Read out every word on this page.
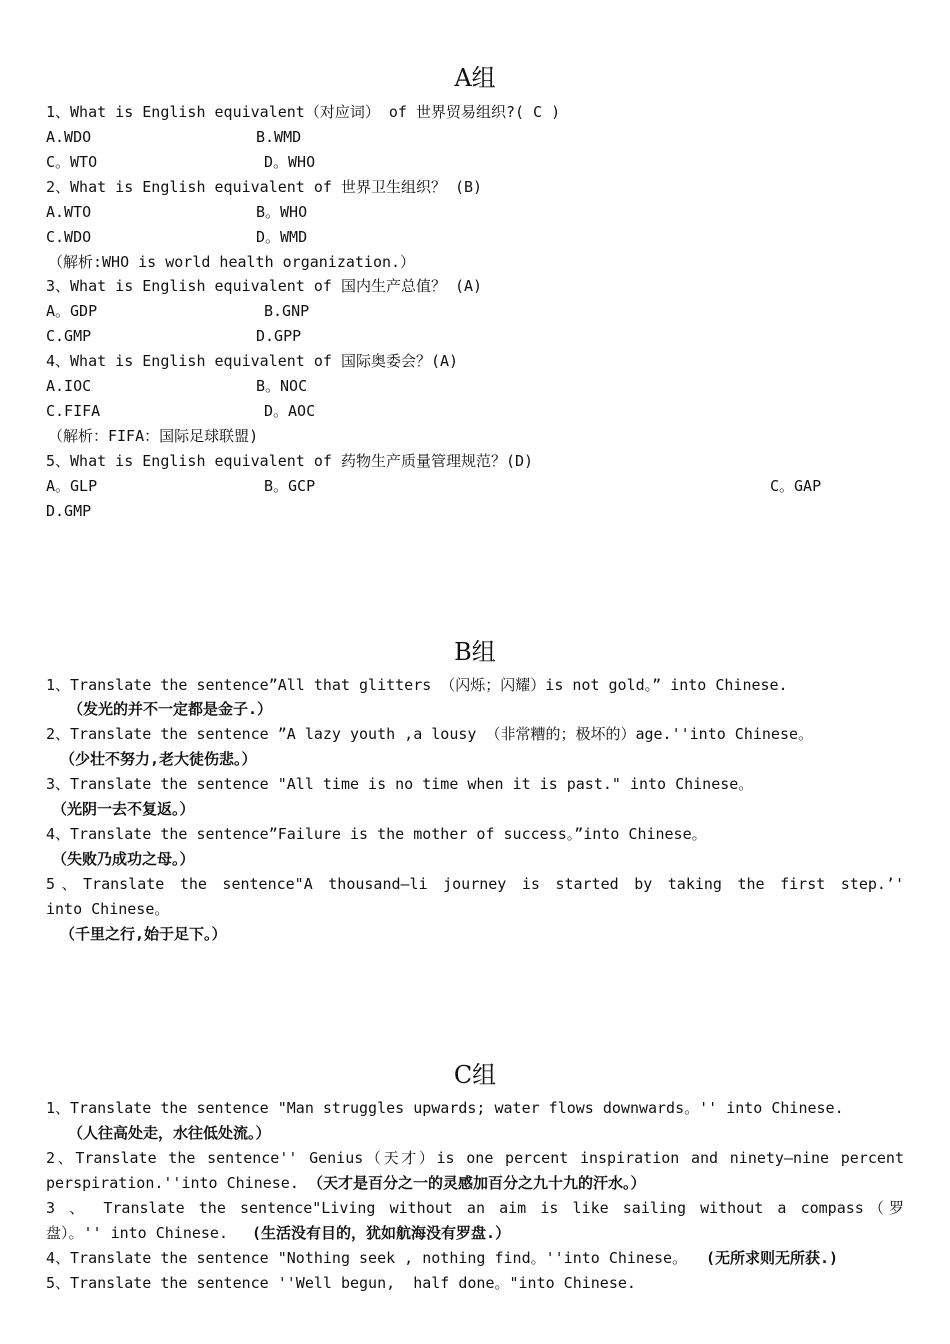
A组
1、What is English equivalent（对应词） of 世界贸易组织?( C )
A.WDO	B.WMD
C。WTO	D。WHO
2、What is English equivalent of 世界卫生组织？ (B)
A.WTO	B。WHO
C.WDO	D。WMD
（解析:WHO is world health organization.）
3、What is English equivalent of 国内生产总值？ (A)
A。GDP	B.GNP
C.GMP	D.GPP
4、What is English equivalent of 国际奥委会？(A)
A.IOC	B。NOC
C.FIFA	D。AOC
（解析：FIFA：国际足球联盟)
5、What is English equivalent of 药物生产质量管理规范？(D)
A。GLP	B。GCP	C。GAP
D.GMP
B组
1、Translate the sentence”All that glitters （闪烁；闪耀）is not gold。” into Chinese.
（发光的并不一定都是金子.）
2、Translate the sentence ”A lazy youth ,a lousy （非常糟的；极坏的）age.''into Chinese。
（少壮不努力,老大徒伤悲。）
3、Translate the sentence "All time is no time when it is past." into Chinese。
（光阴一去不复返。）
4、Translate the sentence”Failure is the mother of success。”into Chinese。
（失败乃成功之母。）
5、Translate the sentence"A thousand—li journey is started by taking the first step.’'
into Chinese。
（千里之行,始于足下。）
C组
1、Translate the sentence "Man struggles upwards; water flows downwards。'' into Chinese.
（人往高处走，水往低处流。）
2、Translate the sentence'' Genius（天才）is one percent inspiration and ninety—nine percent
perspiration.''into Chinese. （天才是百分之一的灵感加百分之九十九的汗水。）
3 、 Translate the sentence"Living without an aim is like sailing without a compass（罗
盘）。'' into Chinese. (生活没有目的，犹如航海没有罗盘.）
4、Translate the sentence "Nothing seek , nothing find。''into Chinese。 (无所求则无所获.)
5、Translate the sentence ''Well begun,  half done。"into Chinese.
